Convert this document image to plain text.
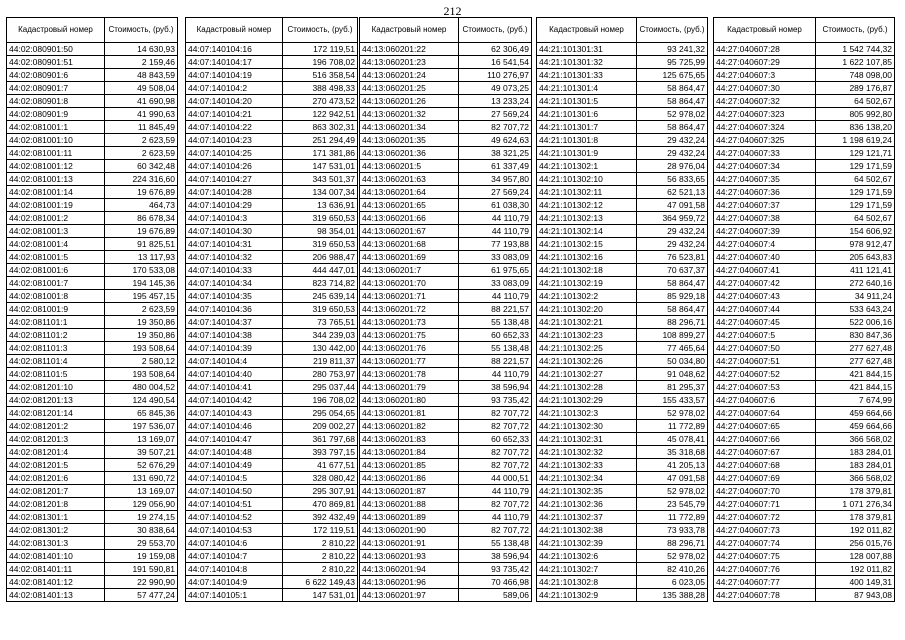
212
Кадастровый номер	Стоимость, (руб.)
44:02:080901:50	14 630,93
44:02:080901:51	2 159,46
44:02:080901:6	48 843,59
44:02:080901:7	49 508,04
44:02:080901:8	41 690,98
44:02:080901:9	41 990,63
44:02:081001:1	11 845,49
44:02:081001:10	2 623,59
44:02:081001:11	2 623,59
44:02:081001:12	60 342,48
44:02:081001:13	224 316,60
44:02:081001:14	19 676,89
44:02:081001:19	464,73
44:02:081001:2	86 678,34
44:02:081001:3	19 676,89
44:02:081001:4	91 825,51
44:02:081001:5	13 117,93
44:02:081001:6	170 533,08
44:02:081001:7	194 145,36
44:02:081001:8	195 457,15
44:02:081001:9	2 623,59
44:02:081101:1	19 350,86
44:02:081101:2	19 350,86
44:02:081101:3	193 508,64
44:02:081101:4	2 580,12
44:02:081101:5	193 508,64
44:02:081201:10	480 004,52
44:02:081201:13	124 490,54
44:02:081201:14	65 845,36
44:02:081201:2	197 536,07
44:02:081201:3	13 169,07
44:02:081201:4	39 507,21
44:02:081201:5	52 676,29
44:02:081201:6	131 690,72
44:02:081201:7	13 169,07
44:02:081201:8	129 056,90
44:02:081301:1	19 274,15
44:02:081301:2	30 838,64
44:02:081301:3	29 553,70
44:02:081401:10	19 159,08
44:02:081401:11	191 590,81
44:02:081401:12	22 990,90
44:02:081401:13	57 477,24
Кадастровый номер	Стоимость, (руб.)
44:07:140104:16	172 119,51
44:07:140104:17	196 708,02
44:07:140104:19	516 358,54
44:07:140104:2	388 498,33
44:07:140104:20	270 473,52
44:07:140104:21	122 942,51
44:07:140104:22	863 302,31
44:07:140104:23	251 294,49
44:07:140104:25	171 381,86
44:07:140104:26	147 531,01
44:07:140104:27	343 501,37
44:07:140104:28	134 007,34
44:07:140104:29	13 636,91
44:07:140104:3	319 650,53
44:07:140104:30	98 354,01
44:07:140104:31	319 650,53
44:07:140104:32	206 988,47
44:07:140104:33	444 447,01
44:07:140104:34	823 714,82
44:07:140104:35	245 639,14
44:07:140104:36	319 650,53
44:07:140104:37	73 765,51
44:07:140104:38	344 239,03
44:07:140104:39	130 442,00
44:07:140104:4	219 811,37
44:07:140104:40	280 753,97
44:07:140104:41	295 037,44
44:07:140104:42	196 708,02
44:07:140104:43	295 054,65
44:07:140104:46	209 002,27
44:07:140104:47	361 797,68
44:07:140104:48	393 797,15
44:07:140104:49	41 677,51
44:07:140104:5	328 080,42
44:07:140104:50	295 307,91
44:07:140104:51	470 869,81
44:07:140104:52	392 432,49
44:07:140104:53	172 119,51
44:07:140104:6	2 810,22
44:07:140104:7	2 810,22
44:07:140104:8	2 810,22
44:07:140104:9	6 622 149,43
44:07:140105:1	147 531,01
Кадастровый номер	Стоимость, (руб.)
44:13:060201:22	62 306,49
44:13:060201:23	16 541,54
44:13:060201:24	110 276,97
44:13:060201:25	49 073,25
44:13:060201:26	13 233,24
44:13:060201:32	27 569,24
44:13:060201:34	82 707,72
44:13:060201:35	49 624,63
44:13:060201:36	38 321,25
44:13:060201:5	61 337,49
44:13:060201:63	34 957,80
44:13:060201:64	27 569,24
44:13:060201:65	61 038,30
44:13:060201:66	44 110,79
44:13:060201:67	44 110,79
44:13:060201:68	77 193,88
44:13:060201:69	33 083,09
44:13:060201:7	61 975,65
44:13:060201:70	33 083,09
44:13:060201:71	44 110,79
44:13:060201:72	88 221,57
44:13:060201:73	55 138,48
44:13:060201:75	60 652,33
44:13:060201:76	55 138,48
44:13:060201:77	88 221,57
44:13:060201:78	44 110,79
44:13:060201:79	38 596,94
44:13:060201:80	93 735,42
44:13:060201:81	82 707,72
44:13:060201:82	82 707,72
44:13:060201:83	60 652,33
44:13:060201:84	82 707,72
44:13:060201:85	82 707,72
44:13:060201:86	44 000,51
44:13:060201:87	44 110,79
44:13:060201:88	82 707,72
44:13:060201:89	44 110,79
44:13:060201:90	82 707,72
44:13:060201:91	55 138,48
44:13:060201:93	38 596,94
44:13:060201:94	93 735,42
44:13:060201:96	70 466,98
44:13:060201:97	589,06
Кадастровый номер	Стоимость, (руб.)
44:21:101301:31	93 241,32
44:21:101301:32	95 725,99
44:21:101301:33	125 675,65
44:21:101301:4	58 864,47
44:21:101301:5	58 864,47
44:21:101301:6	52 978,02
44:21:101301:7	58 864,47
44:21:101301:8	29 432,24
44:21:101301:9	29 432,24
44:21:101302:1	28 976,04
44:21:101302:10	56 833,65
44:21:101302:11	62 521,13
44:21:101302:12	47 091,58
44:21:101302:13	364 959,72
44:21:101302:14	29 432,24
44:21:101302:15	29 432,24
44:21:101302:16	76 523,81
44:21:101302:18	70 637,37
44:21:101302:19	58 864,47
44:21:101302:2	85 929,18
44:21:101302:20	58 864,47
44:21:101302:21	88 296,71
44:21:101302:23	108 899,27
44:21:101302:25	77 465,64
44:21:101302:26	50 034,80
44:21:101302:27	91 048,62
44:21:101302:28	81 295,37
44:21:101302:29	155 433,57
44:21:101302:3	52 978,02
44:21:101302:30	11 772,89
44:21:101302:31	45 078,41
44:21:101302:32	35 318,68
44:21:101302:33	41 205,13
44:21:101302:34	47 091,58
44:21:101302:35	52 978,02
44:21:101302:36	23 545,79
44:21:101302:37	11 772,89
44:21:101302:38	73 933,78
44:21:101302:39	88 296,71
44:21:101302:6	52 978,02
44:21:101302:7	82 410,26
44:21:101302:8	6 023,05
44:21:101302:9	135 388,28
Кадастровый номер	Стоимость, (руб.)
44:27:040607:28	1 542 744,32
44:27:040607:29	1 622 107,85
44:27:040607:3	748 098,00
44:27:040607:30	289 176,87
44:27:040607:32	64 502,67
44:27:040607:323	805 992,80
44:27:040607:324	836 138,20
44:27:040607:325	1 198 619,24
44:27:040607:33	129 121,71
44:27:040607:34	129 171,59
44:27:040607:35	64 502,67
44:27:040607:36	129 171,59
44:27:040607:37	129 171,59
44:27:040607:38	64 502,67
44:27:040607:39	154 606,92
44:27:040607:4	978 912,47
44:27:040607:40	205 643,83
44:27:040607:41	411 121,41
44:27:040607:42	272 640,16
44:27:040607:43	34 911,24
44:27:040607:44	533 643,24
44:27:040607:45	522 006,16
44:27:040607:5	830 847,36
44:27:040607:50	277 627,48
44:27:040607:51	277 627,48
44:27:040607:52	421 844,15
44:27:040607:53	421 844,15
44:27:040607:6	7 674,99
44:27:040607:64	459 664,66
44:27:040607:65	459 664,66
44:27:040607:66	366 568,02
44:27:040607:67	183 284,01
44:27:040607:68	183 284,01
44:27:040607:69	366 568,02
44:27:040607:70	178 379,81
44:27:040607:71	1 071 276,34
44:27:040607:72	178 379,81
44:27:040607:73	192 011,82
44:27:040607:74	256 015,76
44:27:040607:75	128 007,88
44:27:040607:76	192 011,82
44:27:040607:77	400 149,31
44:27:040607:78	87 943,08
